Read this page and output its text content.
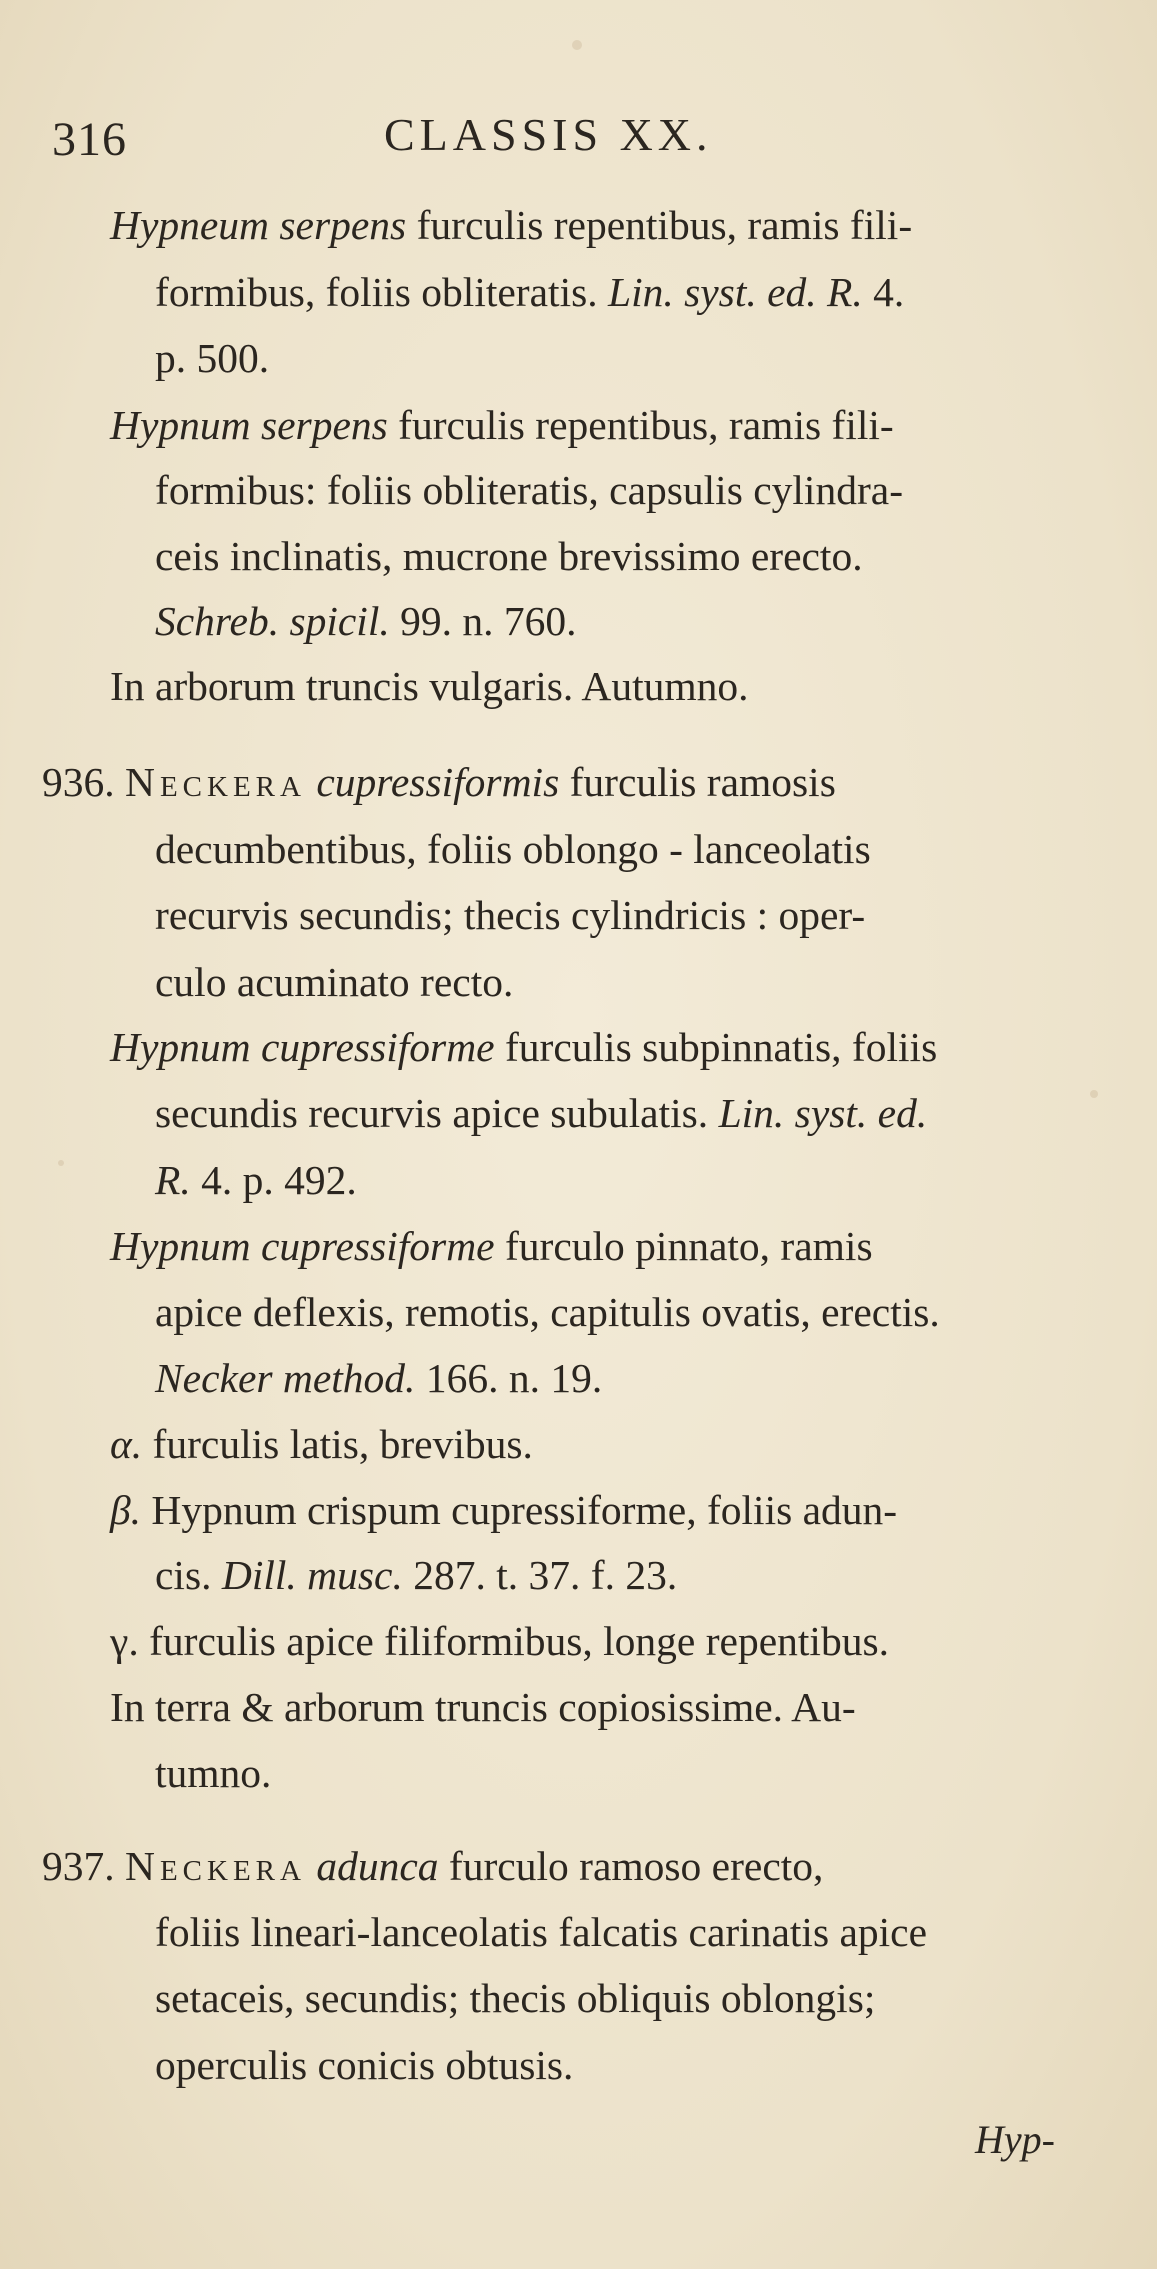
316	CLASSIS XX.
Hypneum serpens furculis repentibus, ramis fili-
formibus, foliis obliteratis. Lin. syst. ed. R. 4.
p. 500.
Hypnum serpens furculis repentibus, ramis fili-
formibus: foliis obliteratis, capsulis cylindra-
ceis inclinatis, mucrone brevissimo erecto.
Schreb. spicil. 99. n. 760.
In arborum truncis vulgaris. Autumno.
936. Neckera cupressiformis furculis ramosis
decumbentibus, foliis oblongo - lanceolatis
recurvis secundis; thecis cylindricis : oper-
culo acuminato recto.
Hypnum cupressiforme furculis subpinnatis, foliis
secundis recurvis apice subulatis. Lin. syst. ed.
R. 4. p. 492.
Hypnum cupressiforme furculo pinnato, ramis
apice deflexis, remotis, capitulis ovatis, erectis.
Necker method. 166. n. 19.
α. furculis latis, brevibus.
β. Hypnum crispum cupressiforme, foliis adun-
cis. Dill. musc. 287. t. 37. f. 23.
γ. furculis apice filiformibus, longe repentibus.
In terra & arborum truncis copiosissime. Au-
tumno.
937. Neckera adunca furculo ramoso erecto,
foliis lineari-lanceolatis falcatis carinatis apice
setaceis, secundis; thecis obliquis oblongis;
operculis conicis obtusis.
Hyp-
